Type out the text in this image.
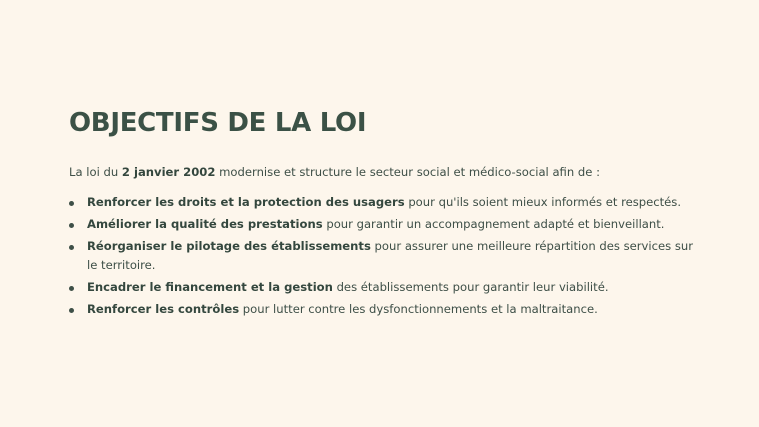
OBJECTIFS DE LA LOI

La loi du 2 janvier 2002 modernise et structure le secteur social et médico-social afin de :

Renforcer les droits et la protection des usagers pour qu'ils soient mieux informés et respectés.
Améliorer la qualité des prestations pour garantir un accompagnement adapté et bienveillant.
Réorganiser le pilotage des établissements pour assurer une meilleure répartition des services sur le territoire.
Encadrer le financement et la gestion des établissements pour garantir leur viabilité.
Renforcer les contrôles pour lutter contre les dysfonctionnements et la maltraitance.
